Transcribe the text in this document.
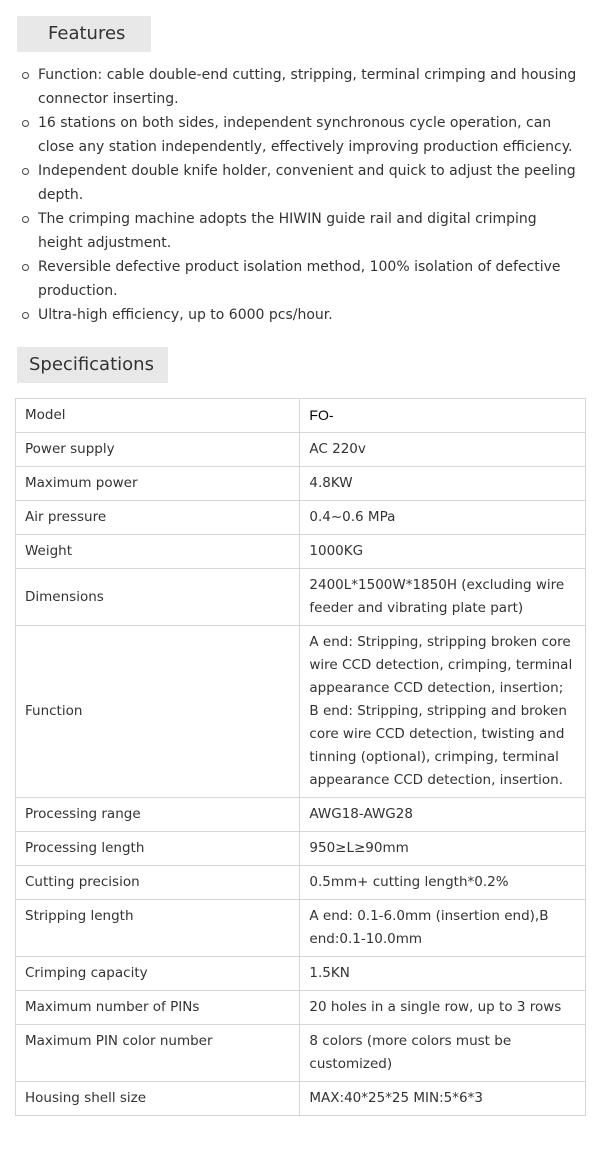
Features
Function: cable double-end cutting, stripping, terminal crimping and housing connector inserting.
16 stations on both sides, independent synchronous cycle operation, can close any station independently, effectively improving production efficiency.
Independent double knife holder, convenient and quick to adjust the peeling depth.
The crimping machine adopts the HIWIN guide rail and digital crimping height adjustment.
Reversible defective product isolation method, 100% isolation of defective production.
Ultra-high efficiency, up to 6000 pcs/hour.
Specifications
Model	FO-
Power supply	AC 220v
Maximum power	4.8KW
Air pressure	0.4~0.6 MPa
Weight	1000KG
Dimensions	2400L*1500W*1850H (excluding wire feeder and vibrating plate part)
Function	A end: Stripping, stripping broken core wire CCD detection, crimping, terminal appearance CCD detection, insertion;
B end: Stripping, stripping and broken core wire CCD detection, twisting and tinning (optional), crimping, terminal appearance CCD detection, insertion.

Processing range	AWG18-AWG28
Processing length	950≥L≥90mm
Cutting precision	0.5mm+ cutting length*0.2%
Stripping length	A end: 0.1-6.0mm (insertion end),B end:0.1-10.0mm
Crimping capacity	1.5KN
Maximum number of PINs	20 holes in a single row, up to 3 rows
Maximum PIN color number	8 colors (more colors must be customized)
Housing shell size	MAX:40*25*25 MIN:5*6*3
